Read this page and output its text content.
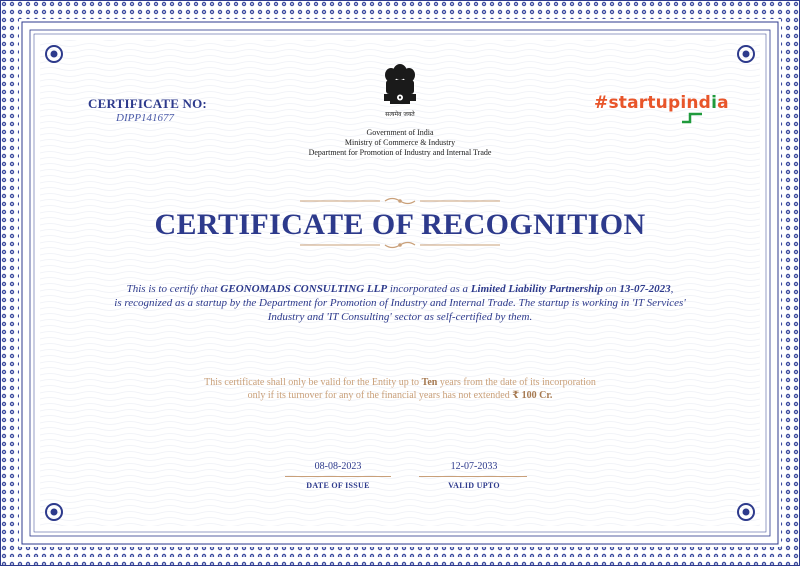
CERTIFICATE NO:
DIPP141677	सत्यमेव जयते
Government of India
Ministry of Commerce & Industry
Department for Promotion of Industry and Internal Trade
#startupindia
CERTIFICATE OF RECOGNITION
This is to certify that GEONOMADS CONSULTING LLP incorporated as a Limited Liability Partnership on 13-07-2023,
is recognized as a startup by the Department for Promotion of Industry and Internal Trade. The startup is working in 'IT Services' Industry and 'IT Consulting' sector as self-certified by them.
This certificate shall only be valid for the Entity up to Ten years from the date of its incorporation
only if its turnover for any of the financial years has not extended ₹ 100 Cr.
08-08-2023
DATE OF ISSUE
12-07-2033
VALID UPTO
